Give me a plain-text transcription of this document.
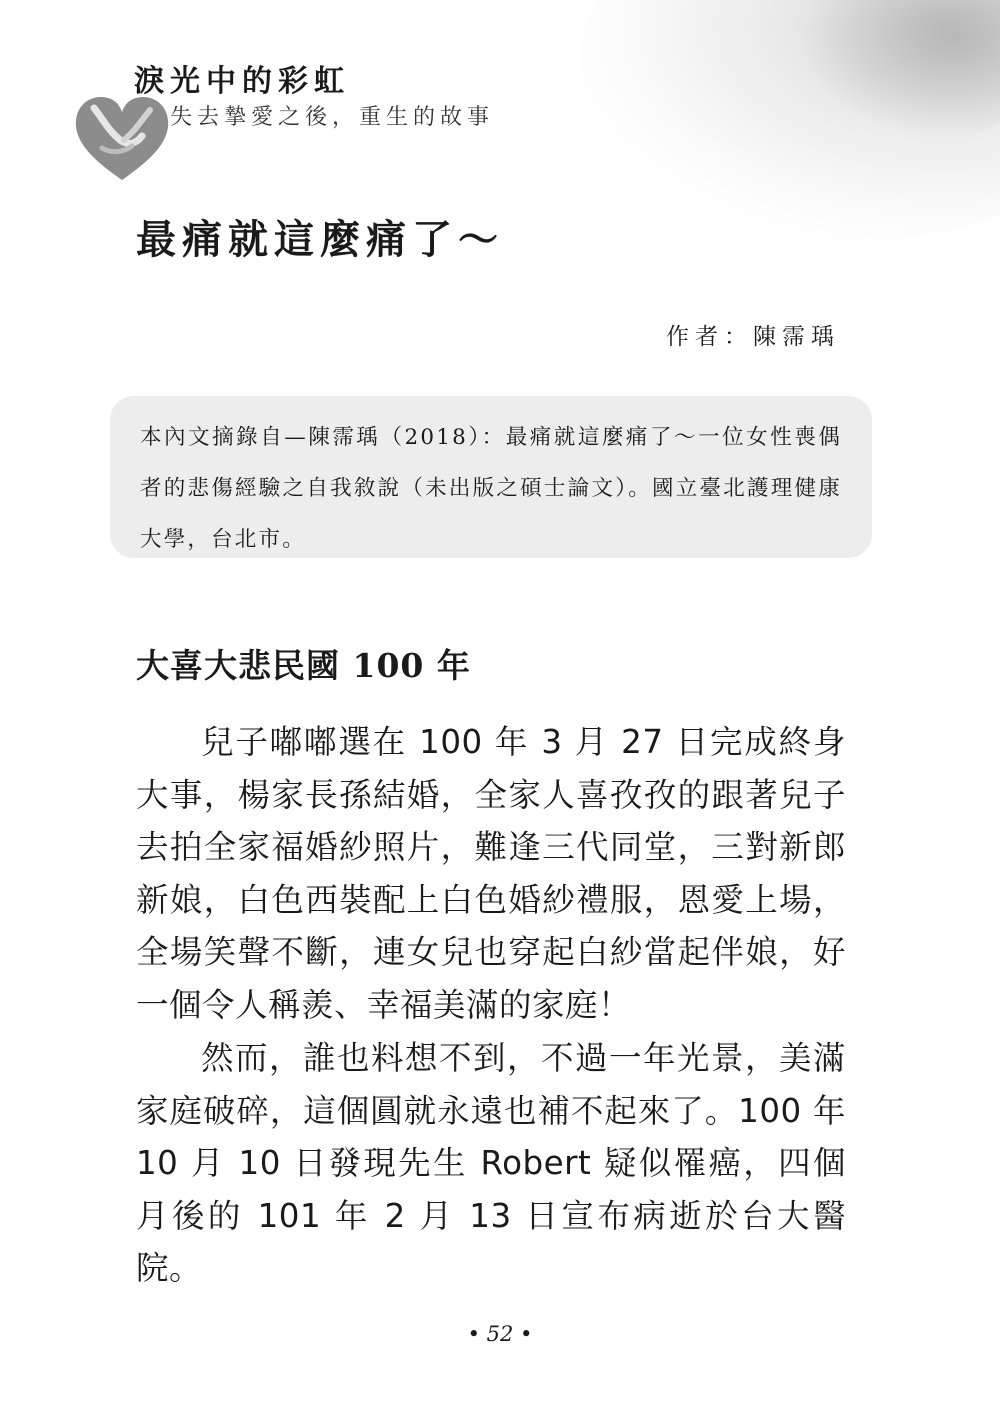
淚光中的彩虹

失去摯愛之後，重生的故事

最痛就這麼痛了～

作者：陳霈瑀

本內文摘錄自—陳霈瑀（2018）：最痛就這麼痛了～一位女性喪偶者的悲傷經驗之自我敘說（未出版之碩士論文）。國立臺北護理健康大學，台北市。

大喜大悲民國 100 年

兒子嘟嘟選在 100 年 3 月 27 日完成終身大事，楊家長孫結婚，全家人喜孜孜的跟著兒子去拍全家福婚紗照片，難逢三代同堂，三對新郎新娘，白色西裝配上白色婚紗禮服，恩愛上場，全場笑聲不斷，連女兒也穿起白紗當起伴娘，好一個令人稱羨、幸福美滿的家庭！

然而，誰也料想不到，不過一年光景，美滿家庭破碎，這個圓就永遠也補不起來了。100 年 10 月 10 日發現先生 Robert 疑似罹癌，四個月後的 101 年 2 月 13 日宣布病逝於台大醫院。

• 52 •
